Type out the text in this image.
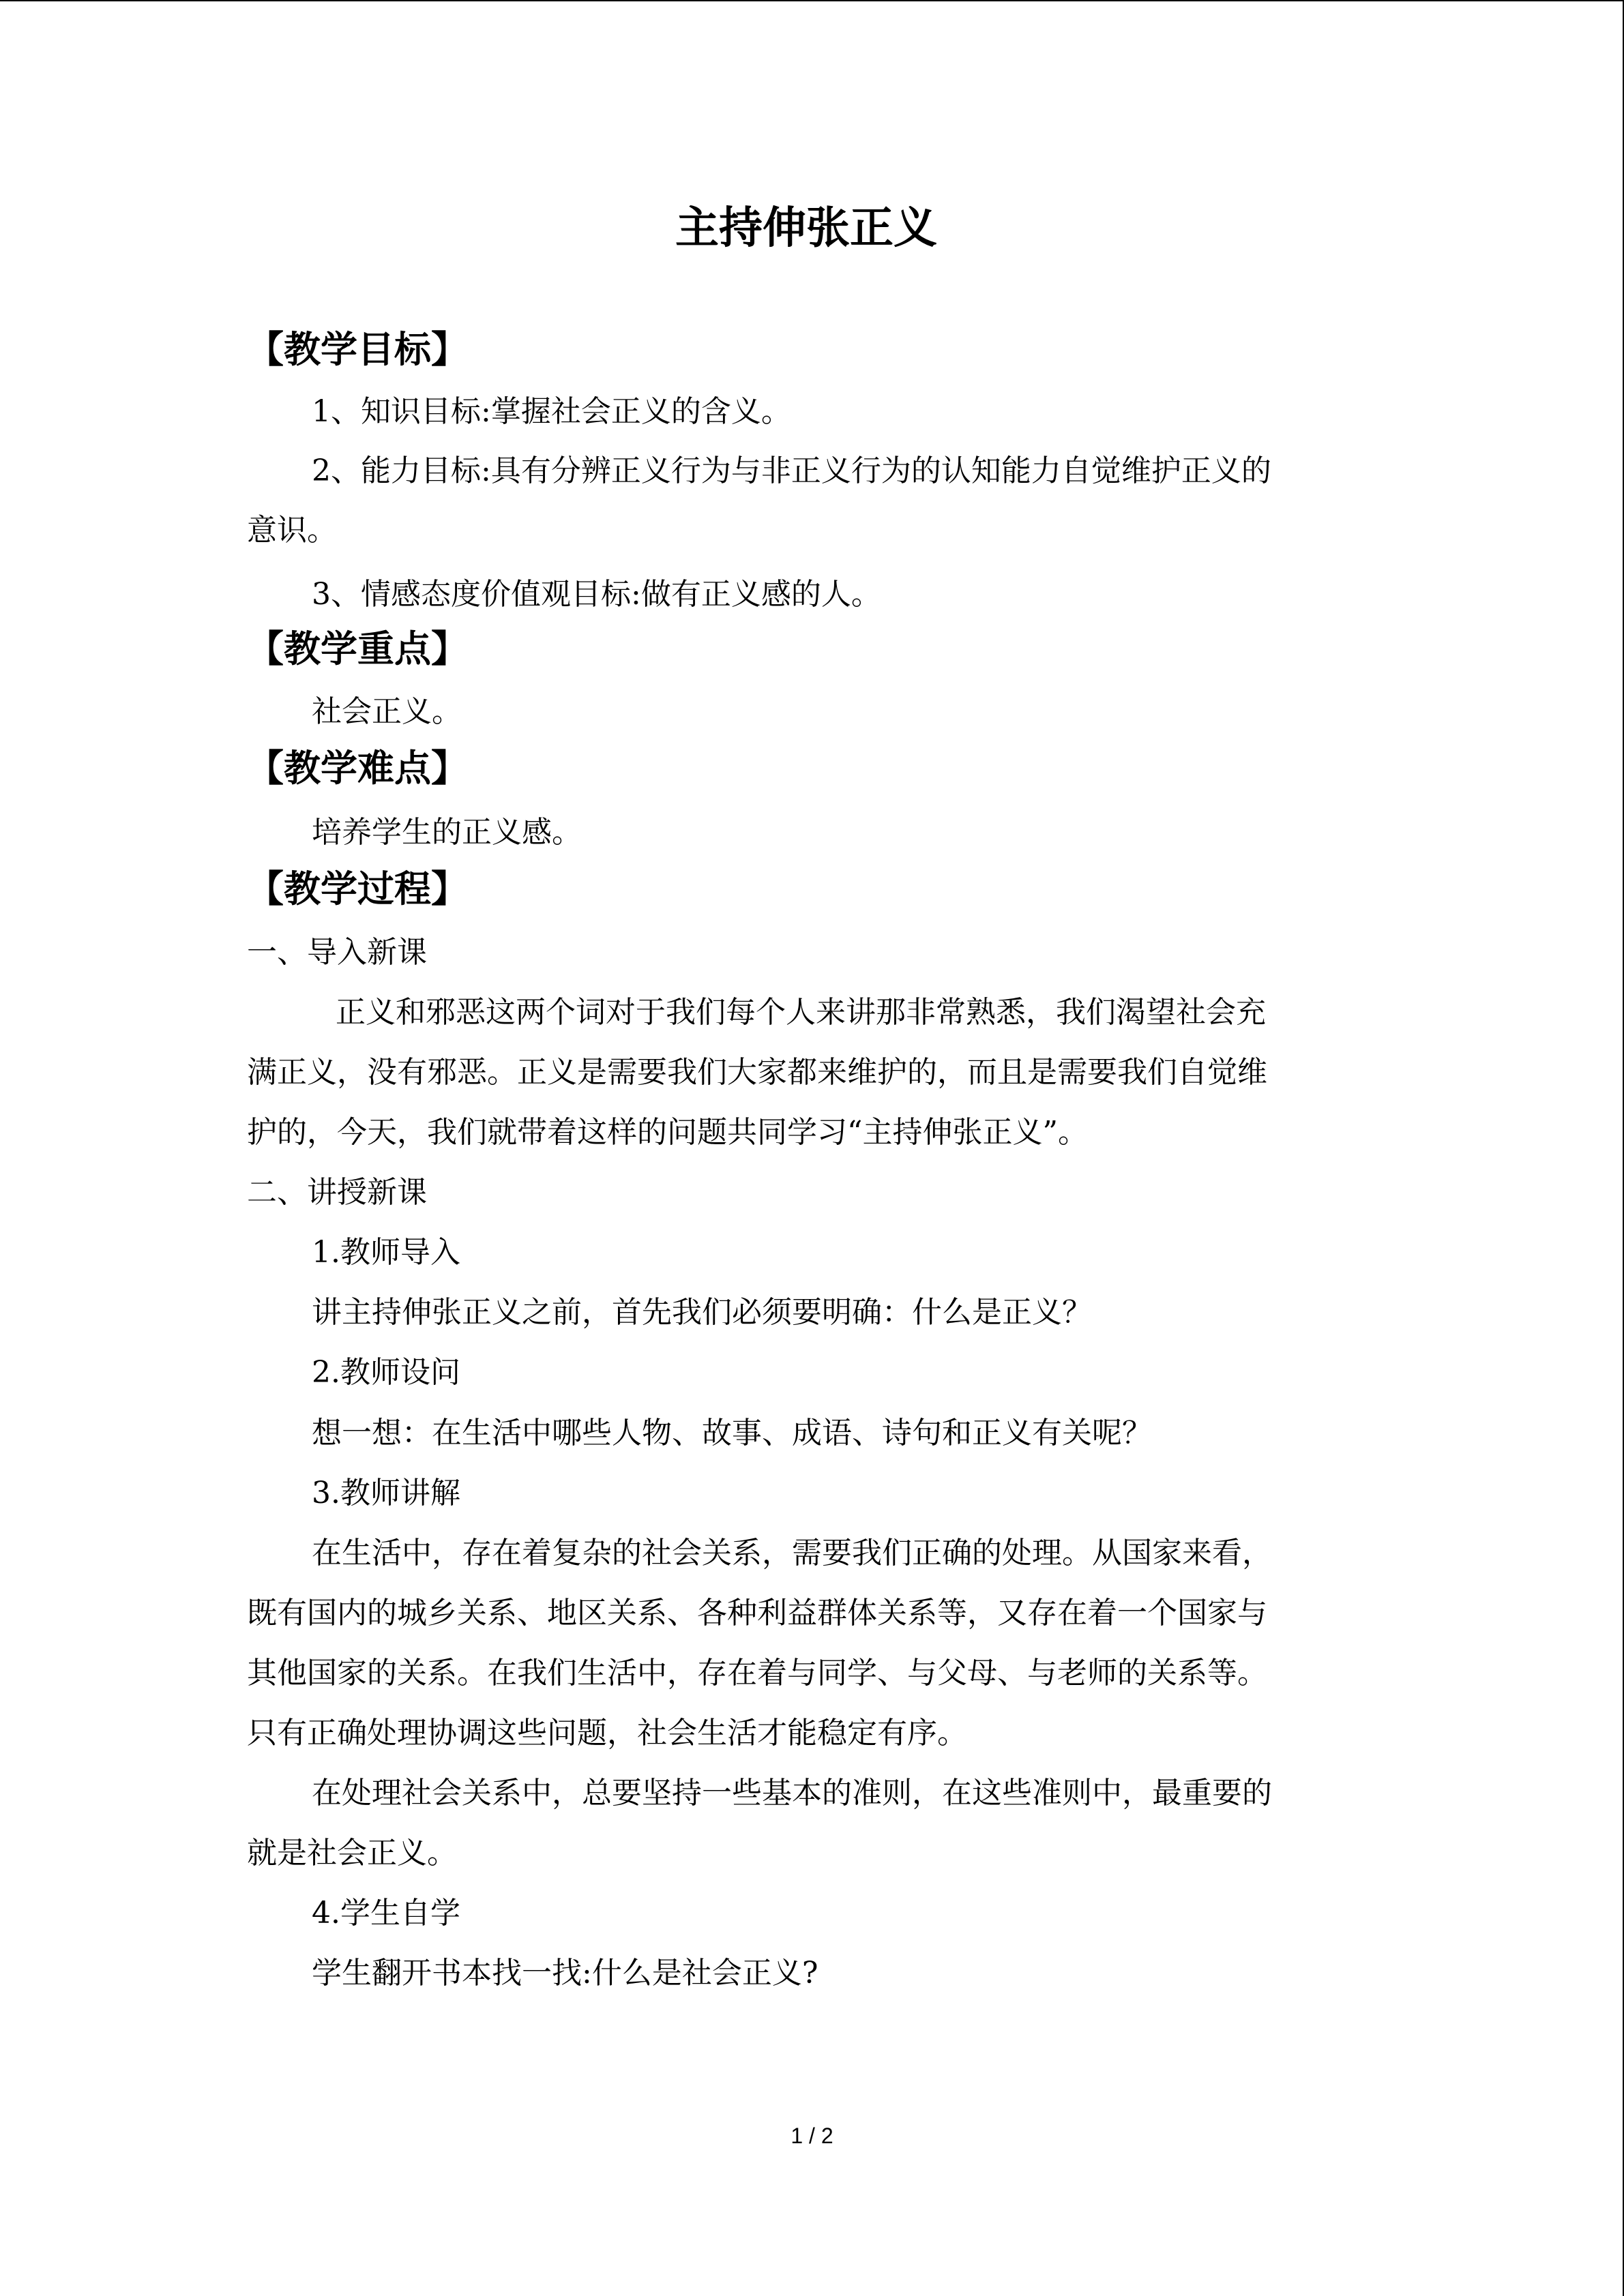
主持伸张正义
【教学目标】
1、知识目标:掌握社会正义的含义。
2、能力目标:具有分辨正义行为与非正义行为的认知能力自觉维护正义的
意识。
3、情感态度价值观目标:做有正义感的人。
【教学重点】
社会正义。
【教学难点】
培养学生的正义感。
【教学过程】
一、导入新课
正义和邪恶这两个词对于我们每个人来讲那非常熟悉，我们渴望社会充
满正义，没有邪恶。正义是需要我们大家都来维护的，而且是需要我们自觉维
护的，今天，我们就带着这样的问题共同学习“主持伸张正义”。
二、讲授新课
1.教师导入
讲主持伸张正义之前，首先我们必须要明确：什么是正义？
2.教师设问
想一想：在生活中哪些人物、故事、成语、诗句和正义有关呢？
3.教师讲解
在生活中，存在着复杂的社会关系，需要我们正确的处理。从国家来看，
既有国内的城乡关系、地区关系、各种利益群体关系等，又存在着一个国家与
其他国家的关系。在我们生活中，存在着与同学、与父母、与老师的关系等。
只有正确处理协调这些问题，社会生活才能稳定有序。
在处理社会关系中，总要坚持一些基本的准则，在这些准则中，最重要的
就是社会正义。
4.学生自学
学生翻开书本找一找:什么是社会正义?
1 / 2
